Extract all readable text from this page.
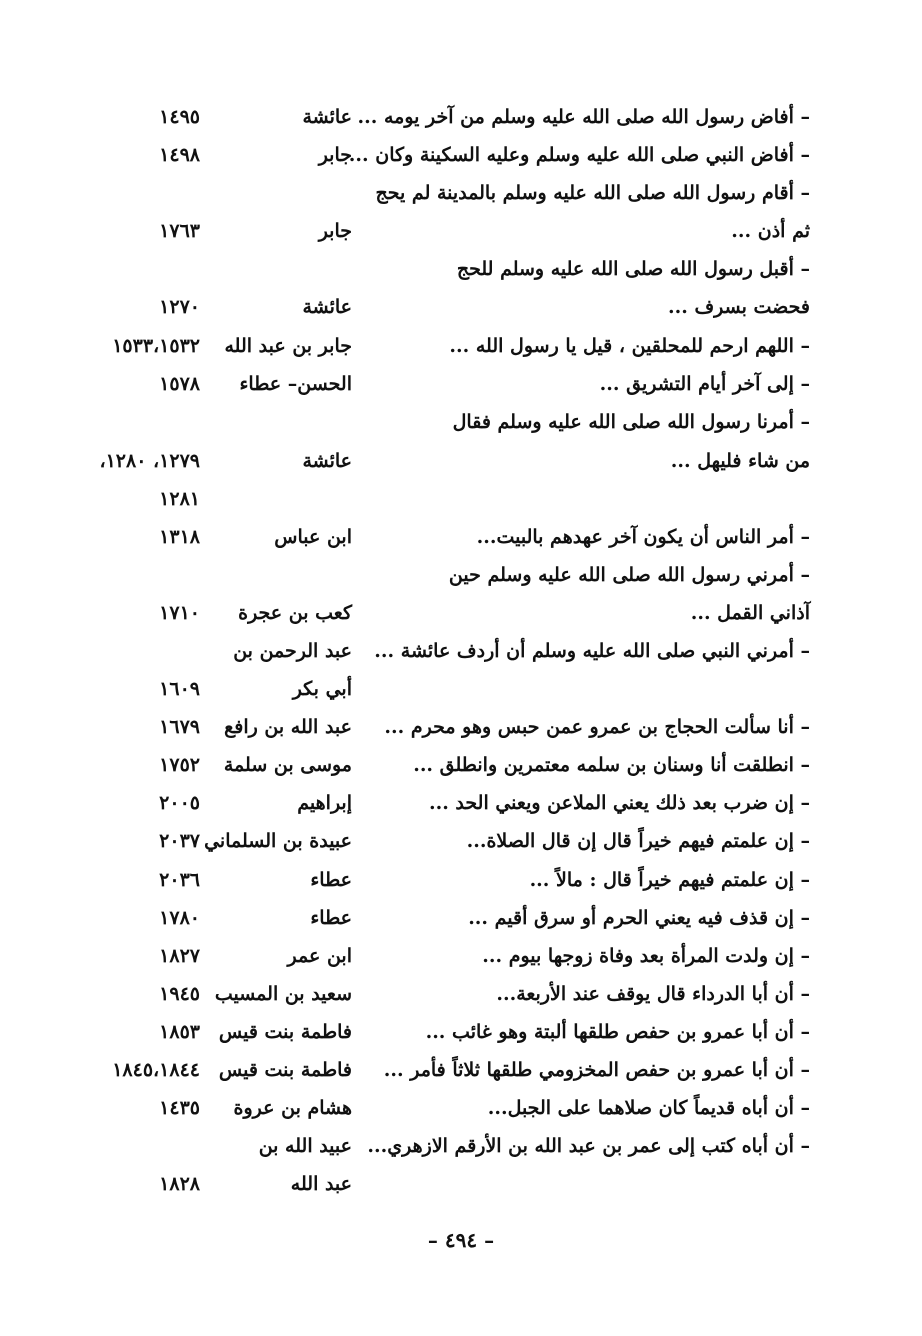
– أفاض رسول الله صلى الله عليه وسلم من آخر يومه ...
عائشة
١٤٩٥
– أفاض النبي صلى الله عليه وسلم وعليه السكينة وكان ...
جابر
١٤٩٨
– أقام رسول الله صلى الله عليه وسلم بالمدينة لم يحج
ثم أذن ...
جابر
١٧٦٣
– أقبل رسول الله صلى الله عليه وسلم للحج
فحضت بسرف ...
عائشة
١٢٧٠
– اللهم ارحم للمحلقين ، قيل يا رسول الله ...
جابر بن عبد الله
١٥٣٣،١٥٣٢
– إلى آخر أيام التشريق ...
الحسن– عطاء
١٥٧٨
– أمرنا رسول الله صلى الله عليه وسلم فقال
من شاء فليهل ...
عائشة
١٢٧٩، ١٢٨٠،
١٢٨١
– أمر الناس أن يكون آخر عهدهم بالبيت...
ابن عباس
١٣١٨
– أمرني رسول الله صلى الله عليه وسلم حين
آذاني القمل ...
كعب بن عجرة
١٧١٠
– أمرني النبي صلى الله عليه وسلم أن أردف عائشة ...
عبد الرحمن بن
أبي بكر
١٦٠٩
– أنا سألت الحجاج بن عمرو عمن حبس وهو محرم ...
عبد الله بن رافع
١٦٧٩
– انطلقت أنا وسنان بن سلمه معتمرين وانطلق ...
موسى بن سلمة
١٧٥٢
– إن ضرب بعد ذلك يعني الملاعن ويعني الحد ...
إبراهيم
٢٠٠٥
– إن علمتم فيهم خيراً قال إن قال الصلاة...
عبيدة بن السلماني
٢٠٣٧
– إن علمتم فيهم خيراً قال : مالاً ...
عطاء
٢٠٣٦
– إن قذف فيه يعني الحرم أو سرق أقيم ...
عطاء
١٧٨٠
– إن ولدت المرأة بعد وفاة زوجها بيوم ...
ابن عمر
١٨٢٧
– أن أبا الدرداء قال يوقف عند الأربعة...
سعيد بن المسيب
١٩٤٥
– أن أبا عمرو بن حفص طلقها ألبتة وهو غائب ...
فاطمة بنت قيس
١٨٥٣
– أن أبا عمرو بن حفص المخزومي طلقها ثلاثاً فأمر ...
فاطمة بنت قيس
١٨٤٥،١٨٤٤
– أن أباه قديماً كان صلاهما على الجبل...
هشام بن عروة
١٤٣٥
– أن أباه كتب إلى عمر بن عبد الله بن الأرقم الازهري...
عبيد الله بن
عبد الله
١٨٢٨
– ٤٩٤ –
